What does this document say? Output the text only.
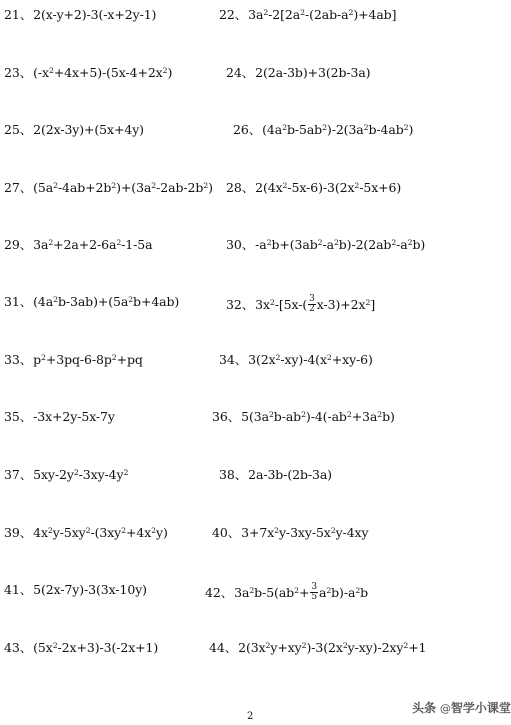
21、2(x-y+2)-3(-x+2y-1)	22、$3a^2-2[2a^2-(2ab-a^2)+4ab]$
23、$(-x^2+4x+5)-(5x-4+2x^2)$	24、2(2a-3b)+3(2b-3a)
25、2(2x-3y)+(5x+4y)	26、$(4a^2b-5ab^2)-2(3a^2b-4ab^2)$
27、$(5a^2-4ab+2b^2)+(3a^2-2ab-2b^2)$ 28、$2(4x^2-5x-6)-3(2x^2-5x+6)$
29、$3a^2+2a+2-6a^2-1-5a$	30、$-a^2b+(3ab^2-a^2b)-2(2ab^2-a^2b)$
31、$(4a^2b-3ab)+(5a^2b+4ab)$	32、$3x^2-[5x-( \frac{3}{2} x-3)+2x^2]$
33、$p^2+3pq-6-8p^2+pq$	34、$3(2x^2-xy)-4(x^2+xy-6)$
35、-3x+2y-5x-7y	36、$5(3a^2b-ab^2)-4(-ab^2+3a^2b)$
37、$5xy-2y^2-3xy-4y^2$	38、2a-3b-(2b-3a)
39、$4x^2y-5xy^2-(3xy^2+4x^2y)$	40、$3+7x^2y-3xy-5x^2y-4xy$
41、5(2x-7y)-3(3x-10y)	42、$3a^2b-5(ab^2+ \frac{3}{5} a^2b)-a^2b$
43、$(5x^2-2x+3)-3(-2x+1)$	44、$2(3x^2y+xy^2)-3(2x^2y-xy)-2xy^2+1$
2
头条 @智学小课堂
